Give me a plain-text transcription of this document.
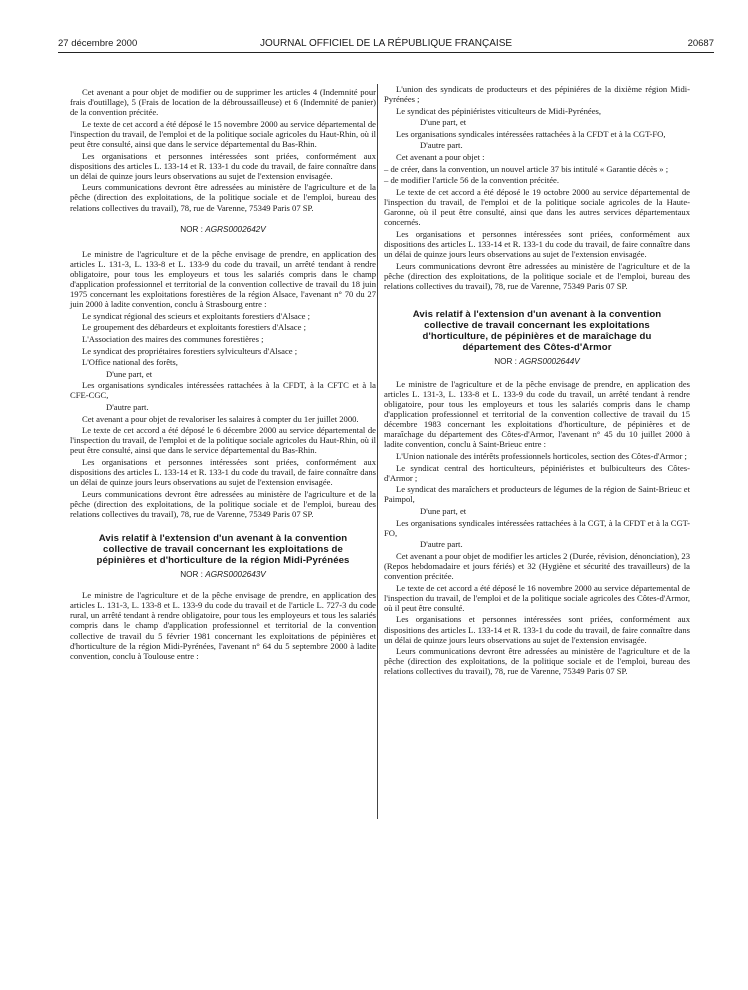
27 décembre 2000	JOURNAL OFFICIEL DE LA RÉPUBLIQUE FRANÇAISE	20687

Cet avenant a pour objet de modifier ou de supprimer les articles 4 (Indemnité pour frais d'outillage), 5 (Frais de location de la débroussailleuse) et 6 (Indemnité de panier) de la convention précitée.

Le texte de cet accord a été déposé le 15 novembre 2000 au service départemental de l'inspection du travail, de l'emploi et de la politique sociale agricoles du Haut-Rhin, où il peut être consulté, ainsi que dans le service départemental du Bas-Rhin.

Les organisations et personnes intéressées sont priées, conformément aux dispositions des articles L. 133-14 et R. 133-1 du code du travail, de faire connaître dans un délai de quinze jours leurs observations au sujet de l'extension envisagée.

Leurs communications devront être adressées au ministère de l'agriculture et de la pêche (direction des exploitations, de la politique sociale et de l'emploi, bureau des relations collectives du travail), 78, rue de Varenne, 75349 Paris 07 SP.

NOR : AGRS0002642V

Le ministre de l'agriculture et de la pêche envisage de prendre, en application des articles L. 131-3, L. 133-8 et L. 133-9 du code du travail, un arrêté tendant à rendre obligatoire, pour tous les employeurs et tous les salariés compris dans le champ d'application professionnel et territorial de la convention collective de travail du 18 juin 1975 concernant les exploitations forestières de la région Alsace, l'avenant n° 70 du 27 juin 2000 à ladite convention, conclu à Strasbourg entre :

Le syndicat régional des scieurs et exploitants forestiers d'Alsace ;

Le groupement des débardeurs et exploitants forestiers d'Alsace ;

L'Association des maires des communes forestières ;

Le syndicat des propriétaires forestiers sylviculteurs d'Alsace ;

L'Office national des forêts,

D'une part, et

Les organisations syndicales intéressées rattachées à la CFDT, à la CFTC et à la CFE-CGC,

D'autre part.

Cet avenant a pour objet de revaloriser les salaires à compter du 1er juillet 2000.

Le texte de cet accord a été déposé le 6 décembre 2000 au service départemental de l'inspection du travail, de l'emploi et de la politique sociale agricoles du Haut-Rhin, où il peut être consulté, ainsi que dans le service départemental du Bas-Rhin.

Les organisations et personnes intéressées sont priées, conformément aux dispositions des articles L. 133-14 et R. 133-1 du code du travail, de faire connaître dans un délai de quinze jours leurs observations au sujet de l'extension envisagée.

Leurs communications devront être adressées au ministère de l'agriculture et de la pêche (direction des exploitations, de la politique sociale et de l'emploi, bureau des relations collectives du travail), 78, rue de Varenne, 75349 Paris 07 SP.

Avis relatif à l'extension d'un avenant à la convention collective de travail concernant les exploitations de pépinières et d'horticulture de la région Midi-Pyrénées
NOR : AGRS0002643V

Le ministre de l'agriculture et de la pêche envisage de prendre, en application des articles L. 131-3, L. 133-8 et L. 133-9 du code du travail et de l'article L. 727-3 du code rural, un arrêté tendant à rendre obligatoire, pour tous les employeurs et tous les salariés compris dans le champ d'application professionnel et territorial de la convention collective de travail du 5 février 1981 concernant les exploitations de pépinières et d'horticulture de la région Midi-Pyrénées, l'avenant n° 64 du 5 septembre 2000 à ladite convention, conclu à Toulouse entre :

L'union des syndicats de producteurs et des pépiniéres de la dixième région Midi-Pyrénées ;

Le syndicat des pépiniéristes viticulteurs de Midi-Pyrénées,

D'une part, et

Les organisations syndicales intéressées rattachées à la CFDT et à la CGT-FO,

D'autre part.

Cet avenant a pour objet :

– de créer, dans la convention, un nouvel article 37 bis intitulé « Garantie décès » ;

– de modifier l'article 56 de la convention précitée.

Le texte de cet accord a été déposé le 19 octobre 2000 au service départemental de l'inspection du travail, de l'emploi et de la politique sociale agricoles de la Haute-Garonne, où il peut être consulté, ainsi que dans les autres services départementaux concernés.

Les organisations et personnes intéressées sont priées, conformément aux dispositions des articles L. 133-14 et R. 133-1 du code du travail, de faire connaître dans un délai de quinze jours leurs observations au sujet de l'extension envisagée.

Leurs communications devront être adressées au ministère de l'agriculture et de la pêche (direction des exploitations, de la politique sociale et de l'emploi, bureau des relations collectives du travail), 78, rue de Varenne, 75349 Paris 07 SP.

Avis relatif à l'extension d'un avenant à la convention collective de travail concernant les exploitations d'horticulture, de pépinières et de maraîchage du département des Côtes-d'Armor
NOR : AGRS0002644V

Le ministre de l'agriculture et de la pêche envisage de prendre, en application des articles L. 131-3, L. 133-8 et L. 133-9 du code du travail, un arrêté tendant à rendre obligatoire, pour tous les employeurs et tous les salariés compris dans le champ d'application professionnel et territorial de la convention collective de travail du 15 décembre 1983 concernant les exploitations d'horticulture, de pépinières et de maraîchage du département des Côtes-d'Armor, l'avenant n° 45 du 10 juillet 2000 à ladite convention, conclu à Saint-Brieuc entre :

L'Union nationale des intérêts professionnels horticoles, section des Côtes-d'Armor ;

Le syndicat central des horticulteurs, pépiniéristes et bulbiculteurs des Côtes-d'Armor ;

Le syndicat des maraîchers et producteurs de légumes de la région de Saint-Brieuc et Paimpol,

D'une part, et

Les organisations syndicales intéressées rattachées à la CGT, à la CFDT et à la CGT-FO,

D'autre part.

Cet avenant a pour objet de modifier les articles 2 (Durée, révision, dénonciation), 23 (Repos hebdomadaire et jours fériés) et 32 (Hygiène et sécurité des travailleurs) de la convention précitée.

Le texte de cet accord a été déposé le 16 novembre 2000 au service départemental de l'inspection du travail, de l'emploi et de la politique sociale agricoles des Côtes-d'Armor, où il peut être consulté.

Les organisations et personnes intéressées sont priées, conformément aux dispositions des articles L. 133-14 et R. 133-1 du code du travail, de faire connaître dans un délai de quinze jours leurs observations au sujet de l'extension envisagée.

Leurs communications devront être adressées au ministère de l'agriculture et de la pêche (direction des exploitations, de la politique sociale et de l'emploi, bureau des relations collectives du travail), 78, rue de Varenne, 75349 Paris 07 SP.
